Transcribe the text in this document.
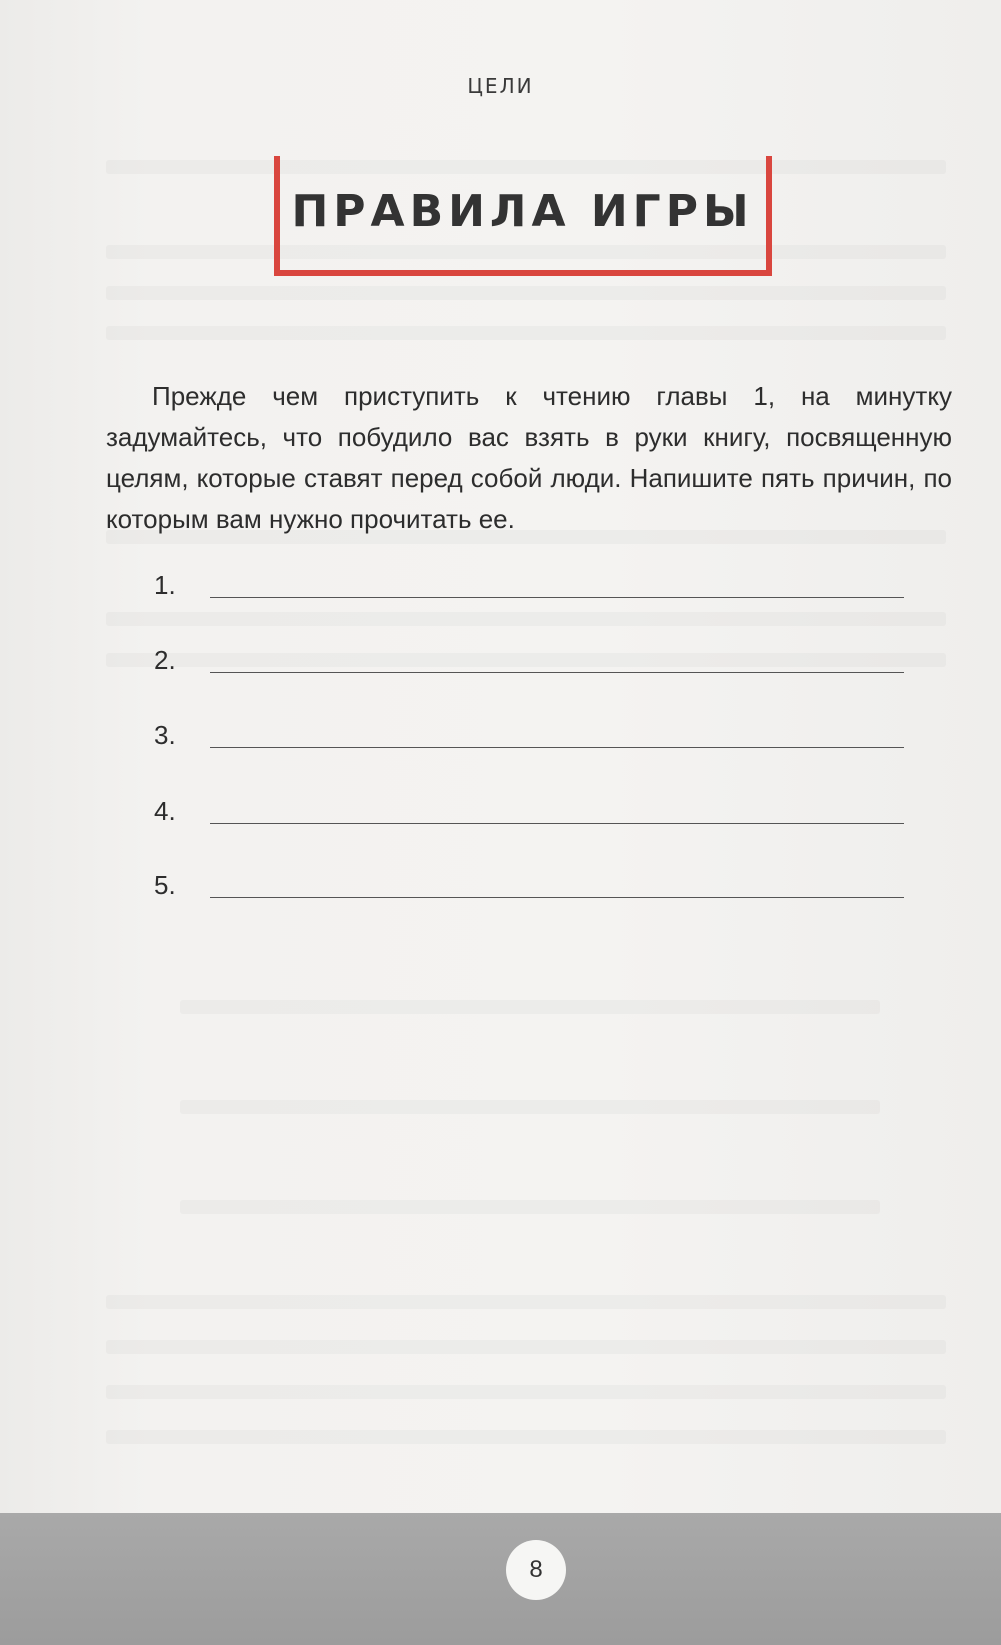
ЦЕЛИ
ПРАВИЛА ИГРЫ
Прежде чем приступить к чтению главы 1, на минутку задумайтесь, что побудило вас взять в руки книгу, посвященную целям, которые ставят перед собой люди. Напишите пять причин, по которым вам нужно прочитать ее.
1.
2.
3.
4.
5.
8
